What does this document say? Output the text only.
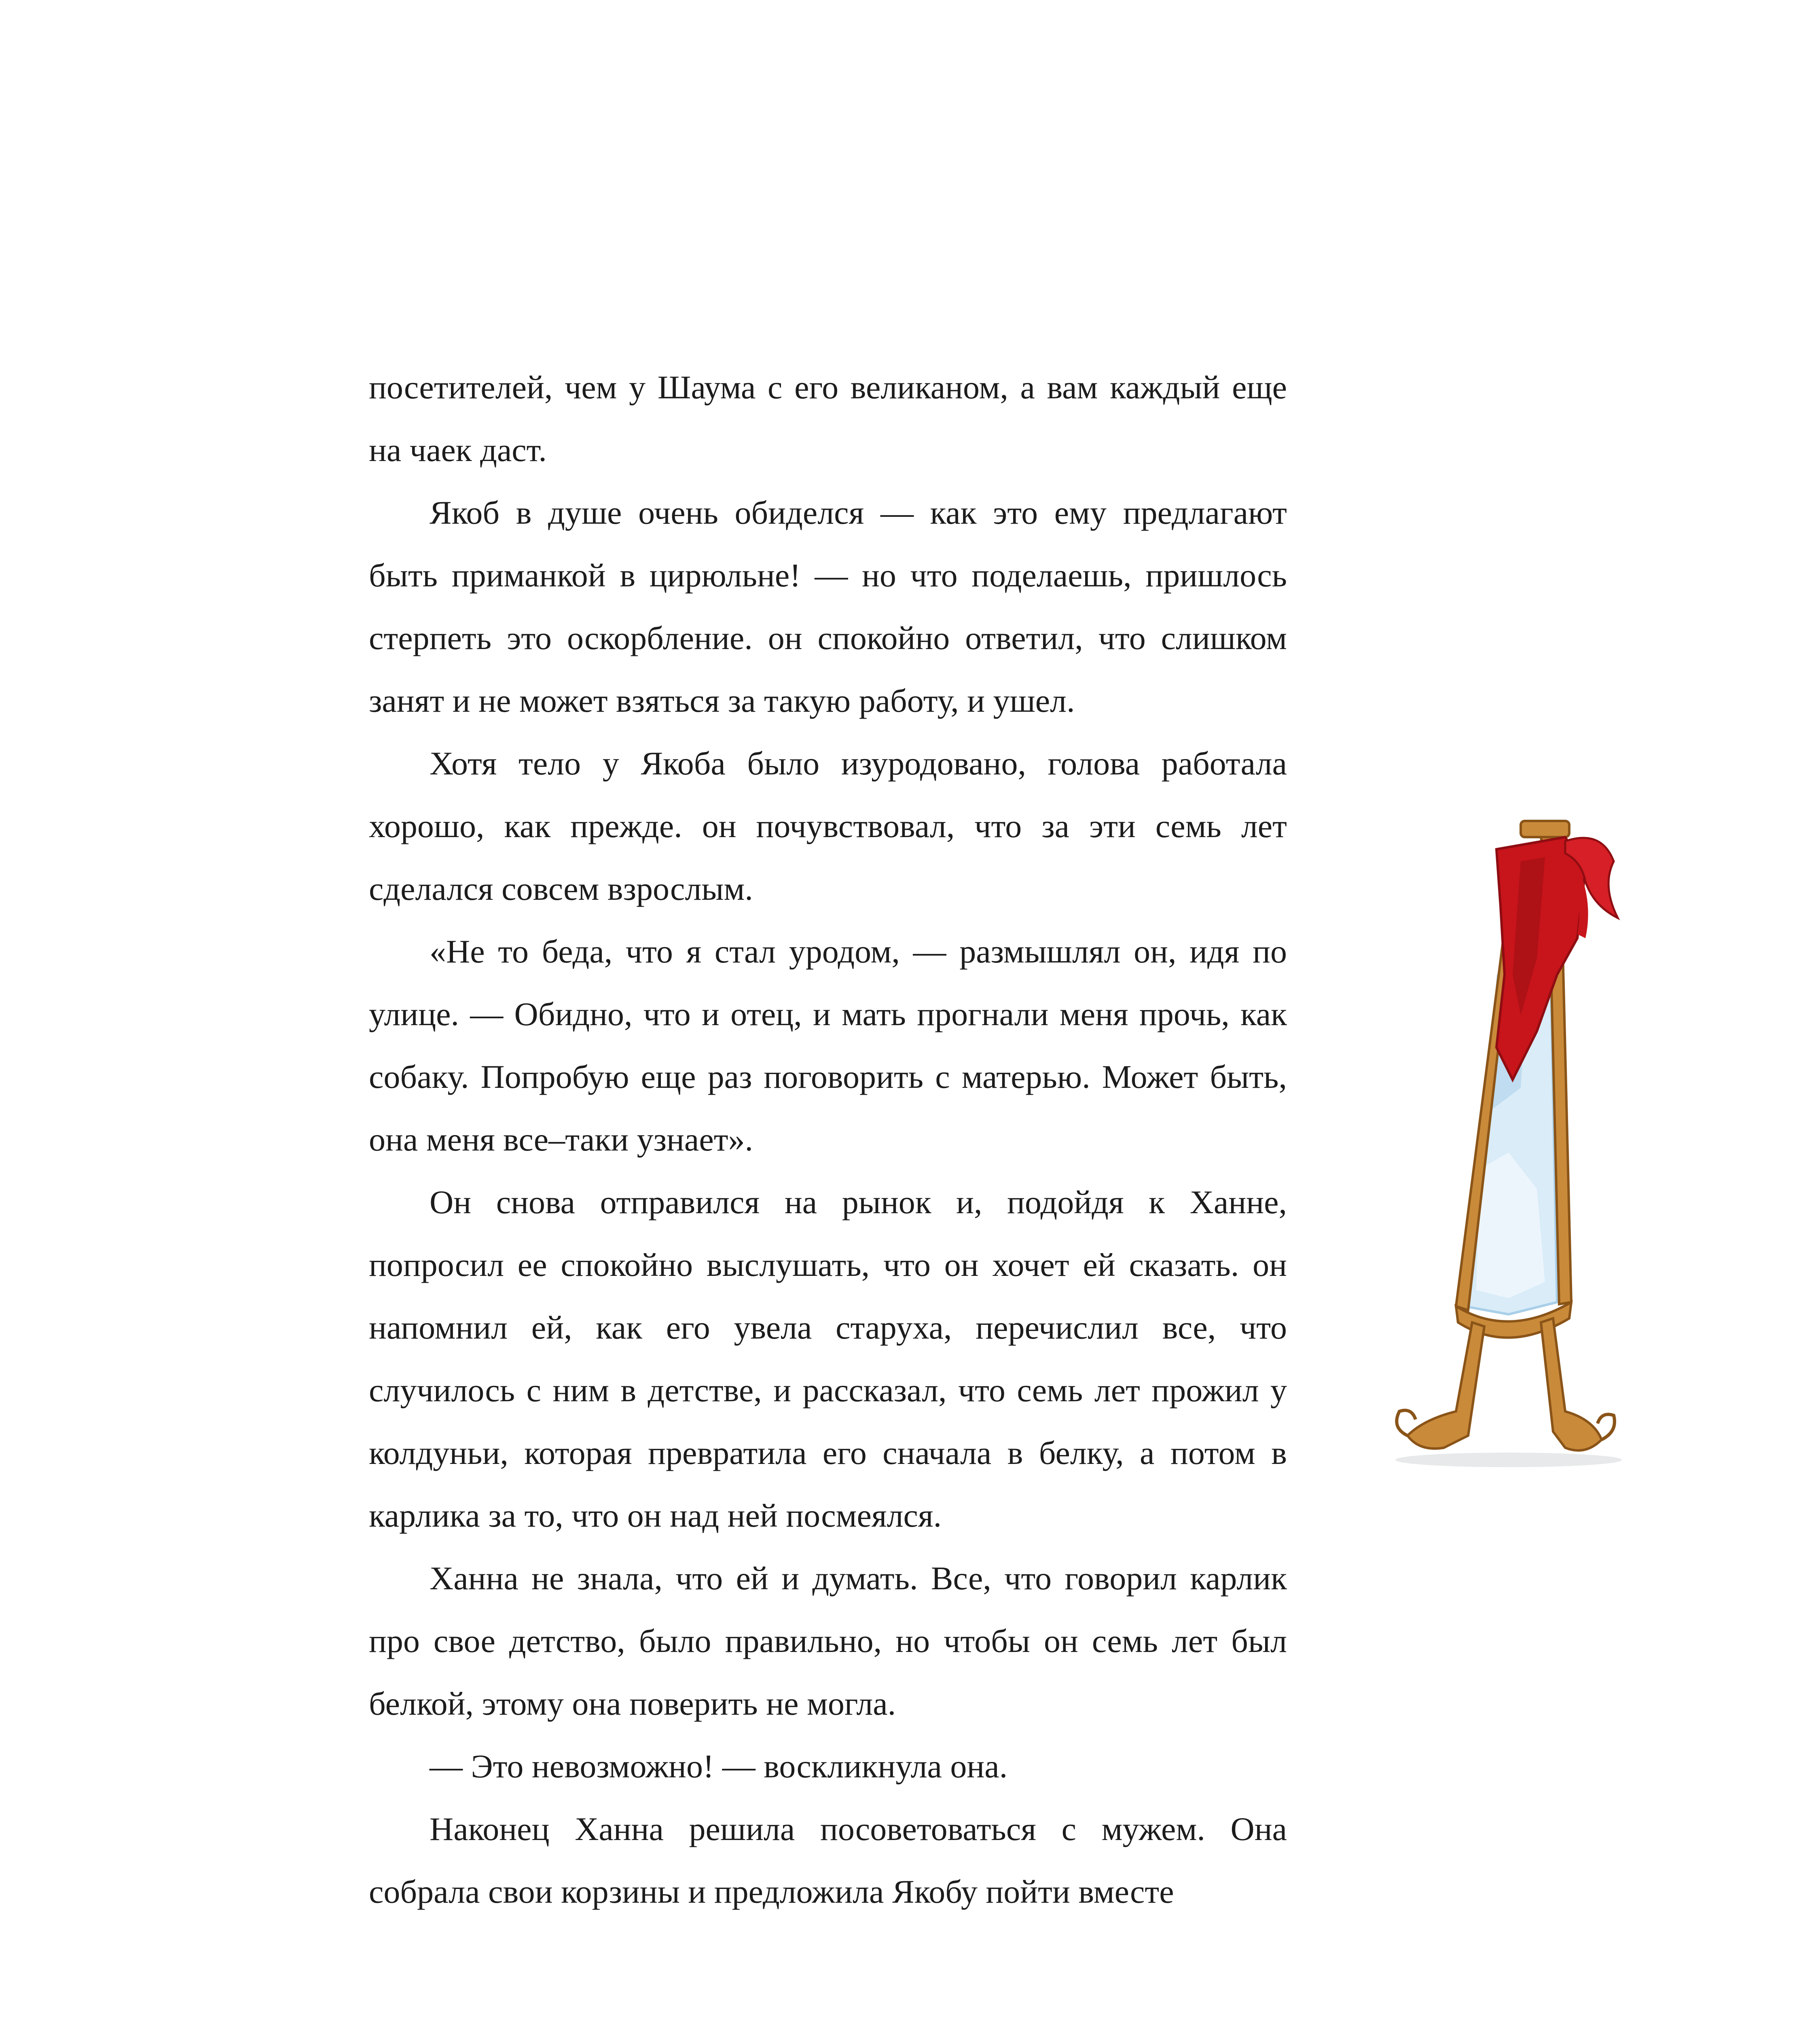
посетителей, чем у Шаума с его великаном, а вам каждый еще на чаек даст.

Якоб в душе очень обиделся — как это ему предлагают быть приманкой в цирюльне! — но что поделаешь, пришлось стерпеть это оскорбление. он спокойно ответил, что слишком занят и не может взяться за такую работу, и ушел.

Хотя тело у Якоба было изуродовано, голова работала хорошо, как прежде. он почувствовал, что за эти семь лет сделался совсем взрослым.

«Не то беда, что я стал уродом, — размышлял он, идя по улице. — Обидно, что и отец, и мать прогнали меня прочь, как собаку. Попробую еще раз поговорить с матерью. Может быть, она меня все–таки узнает».

Он снова отправился на рынок и, подойдя к Ханне, попросил ее спокойно выслушать, что он хочет ей сказать. он напомнил ей, как его увела старуха, перечислил все, что случилось с ним в детстве, и рассказал, что семь лет прожил у колдуньи, которая превратила его сначала в белку, а потом в карлика за то, что он над ней посмеялся.

Ханна не знала, что ей и думать. Все, что говорил карлик про свое детство, было правильно, но чтобы он семь лет был белкой, этому она поверить не могла.

— Это невозможно! — воскликнула она.

Наконец Ханна решила посоветоваться с мужем. Она собрала свои корзины и предложила Якобу пойти вместе
